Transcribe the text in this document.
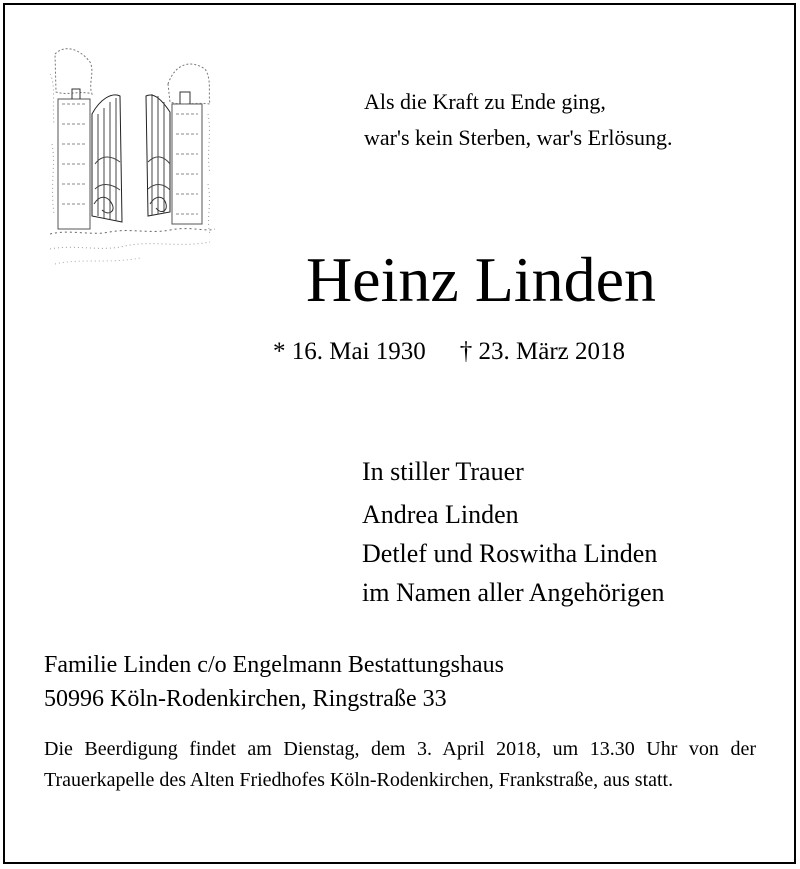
Als die Kraft zu Ende ging,
war's kein Sterben, war's Erlösung.
Heinz Linden
* 16. Mai 1930 † 23. März 2018
In stiller Trauer
Andrea Linden
Detlef und Roswitha Linden
im Namen aller Angehörigen
Familie Linden c/o Engelmann Bestattungshaus
50996 Köln-Rodenkirchen, Ringstraße 33
Die Beerdigung findet am Dienstag, dem 3. April 2018, um 13.30 Uhr von der Trauerkapelle des Alten Friedhofes Köln-Rodenkirchen, Frankstraße, aus statt.
